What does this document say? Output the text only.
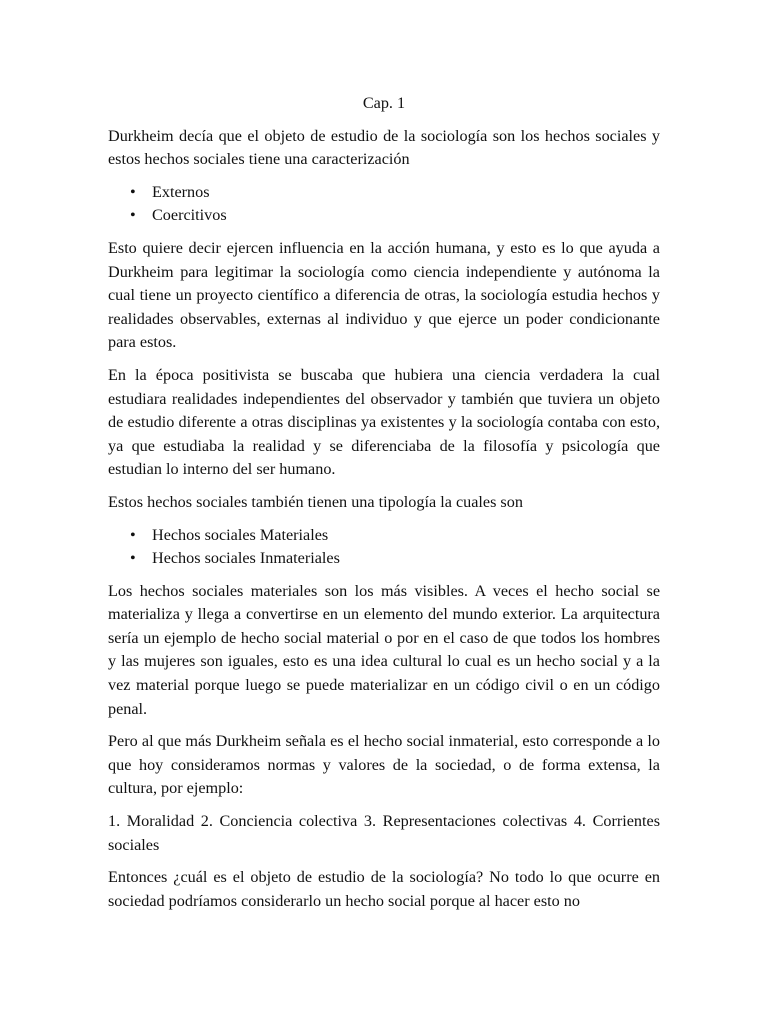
Cap. 1

Durkheim decía que el objeto de estudio de la sociología son los hechos sociales y estos hechos sociales tiene una caracterización

• Externos
• Coercitivos

Esto quiere decir ejercen influencia en la acción humana, y esto es lo que ayuda a Durkheim para legitimar la sociología como ciencia independiente y autónoma la cual tiene un proyecto científico a diferencia de otras, la sociología estudia hechos y realidades observables, externas al individuo y que ejerce un poder condicionante para estos.

En la época positivista se buscaba que hubiera una ciencia verdadera la cual estudiara realidades independientes del observador y también que tuviera un objeto de estudio diferente a otras disciplinas ya existentes y la sociología contaba con esto, ya que estudiaba la realidad y se diferenciaba de la filosofía y psicología que estudian lo interno del ser humano.

Estos hechos sociales también tienen una tipología la cuales son

• Hechos sociales Materiales
• Hechos sociales Inmateriales

Los hechos sociales materiales son los más visibles. A veces el hecho social se materializa y llega a convertirse en un elemento del mundo exterior. La arquitectura sería un ejemplo de hecho social material o por en el caso de que todos los hombres y las mujeres son iguales, esto es una idea cultural lo cual es un hecho social y a la vez material porque luego se puede materializar en un código civil o en un código penal.

Pero al que más Durkheim señala es el hecho social inmaterial, esto corresponde a lo que hoy consideramos normas y valores de la sociedad, o de forma extensa, la cultura, por ejemplo:

1. Moralidad 2. Conciencia colectiva 3. Representaciones colectivas 4. Corrientes sociales

Entonces ¿cuál es el objeto de estudio de la sociología? No todo lo que ocurre en sociedad podríamos considerarlo un hecho social porque al hacer esto no
